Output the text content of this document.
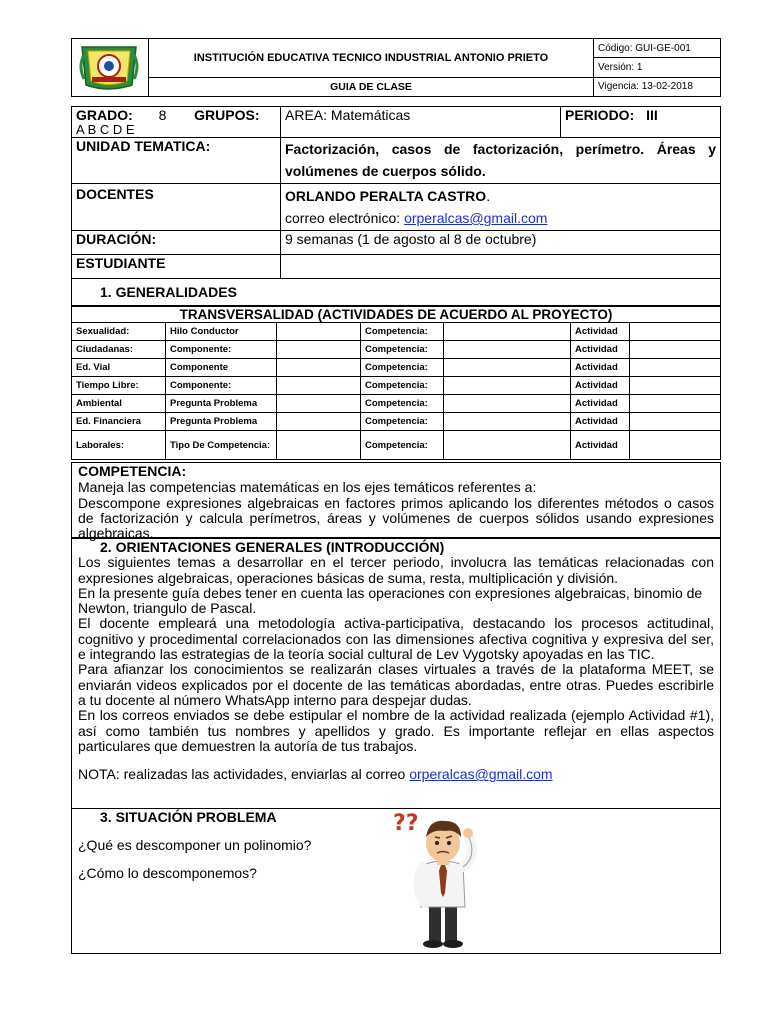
	INSTITUCIÓN EDUCATIVA TECNICO INDUSTRIAL ANTONIO PRIETO	Código: GUI-GE-001
		Versión: 1
	GUIA DE CLASE	Vigencia: 13-02-2018
GRADO: 8 GRUPOS:
A B C D E	AREA: Matemáticas	PERIODO: III
UNIDAD TEMATICA:	Factorización, casos de factorización, perímetro. Áreas y volúmenes de cuerpos sólido.	
DOCENTES	ORLANDO PERALTA CASTRO.
correo electrónico: orperalcas@gmail.com	
DURACIÓN:	9 semanas (1 de agosto al 8 de octubre)	
ESTUDIANTE		
1. GENERALIDADES		
TRANSVERSALIDAD (ACTIVIDADES DE ACUERDO AL PROYECTO)						
Sexualidad:	Hilo Conductor		Competencia:		Actividad	
Ciudadanas:	Componente:		Competencia:		Actividad	
Ed. Vial	Componente		Competencia:		Actividad	
Tiempo Libre:	Componente:		Competencia:		Actividad	
Ambiental	Pregunta Problema		Competencia:		Actividad	
Ed. Financiera	Pregunta Problema		Competencia:		Actividad	
Laborales:	Tipo De Competencia:		Competencia:		Actividad	

COMPETENCIA:

Maneja las competencias matemáticas en los ejes temáticos referentes a:

Descompone expresiones algebraicas en factores primos aplicando los diferentes métodos o casos de factorización y calcula perímetros, áreas y volúmenes de cuerpos sólidos usando expresiones algebraicas.

2. ORIENTACIONES GENERALES (INTRODUCCIÓN)

Los siguientes temas a desarrollar en el tercer periodo, involucra las temáticas relacionadas con expresiones algebraicas, operaciones básicas de suma, resta, multiplicación y división.

En la presente guía debes tener en cuenta las operaciones con expresiones algebraicas, binomio de Newton, triangulo de Pascal.

El docente empleará una metodología activa-participativa, destacando los procesos actitudinal, cognitivo y procedimental correlacionados con las dimensiones afectiva cognitiva y expresiva del ser, e integrando las estrategias de la teoría social cultural de Lev Vygotsky apoyadas en las TIC.

Para afianzar los conocimientos se realizarán clases virtuales a través de la plataforma MEET, se enviarán videos explicados por el docente de las temáticas abordadas, entre otras. Puedes escribirle a tu docente al número WhatsApp interno para despejar dudas.

En los correos enviados se debe estipular el nombre de la actividad realizada (ejemplo Actividad #1), así como también tus nombres y apellidos y grado. Es importante reflejar en ellas aspectos particulares que demuestren la autoría de tus trabajos.

NOTA: realizadas las actividades, enviarlas al correo orperalcas@gmail.com

3. SITUACIÓN PROBLEMA

¿Qué es descomponer un polinomio?

¿Cómo lo descomponemos?

??
